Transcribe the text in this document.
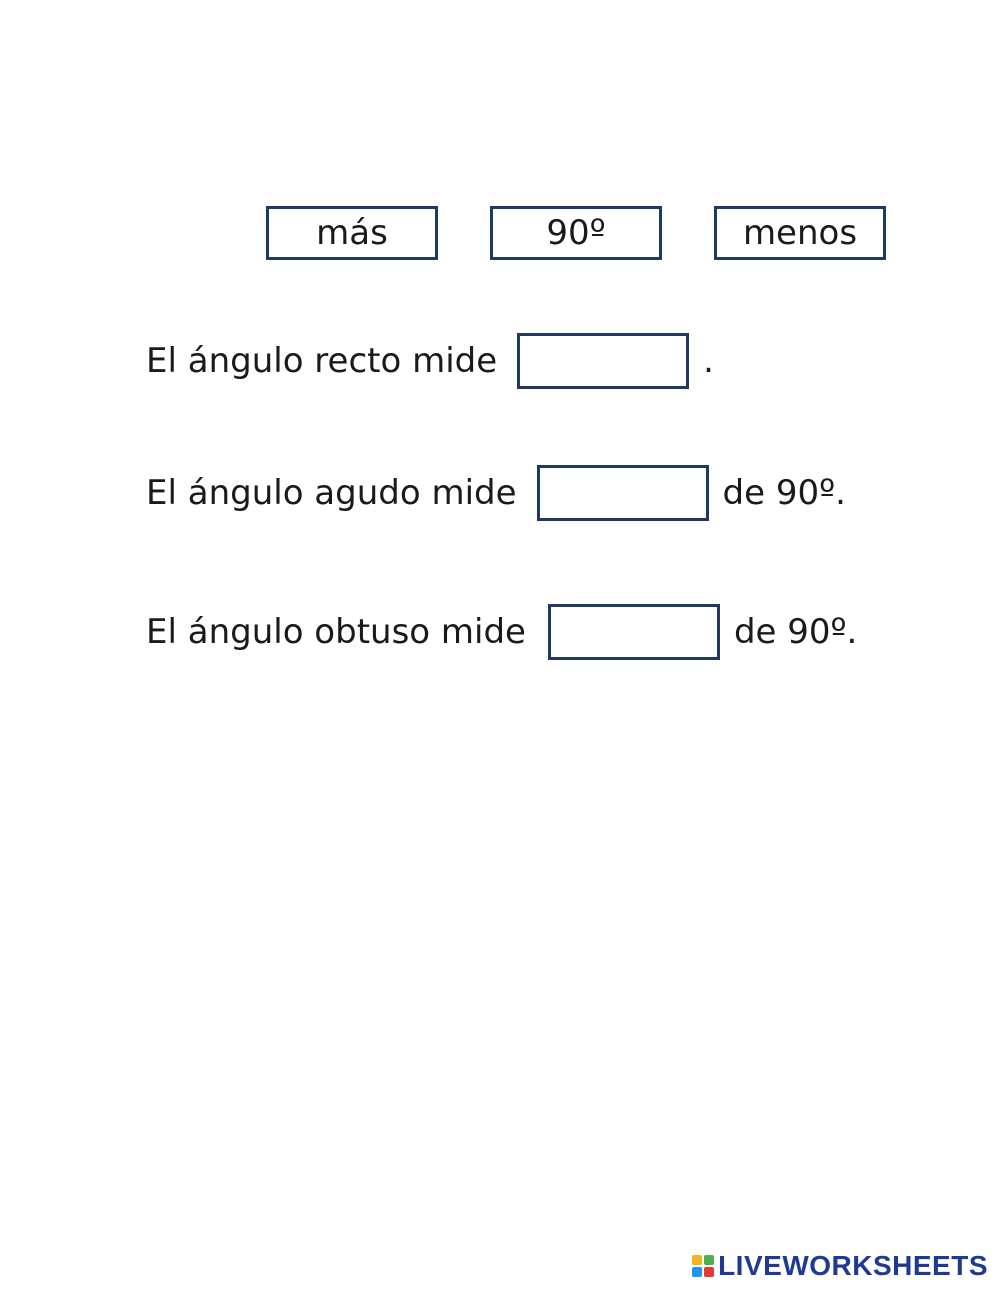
más	90º	menos
El ángulo recto mide	.
El ángulo agudo mide	de 90º.
El ángulo obtuso mide	de 90º.
LIVEWORKSHEETS
